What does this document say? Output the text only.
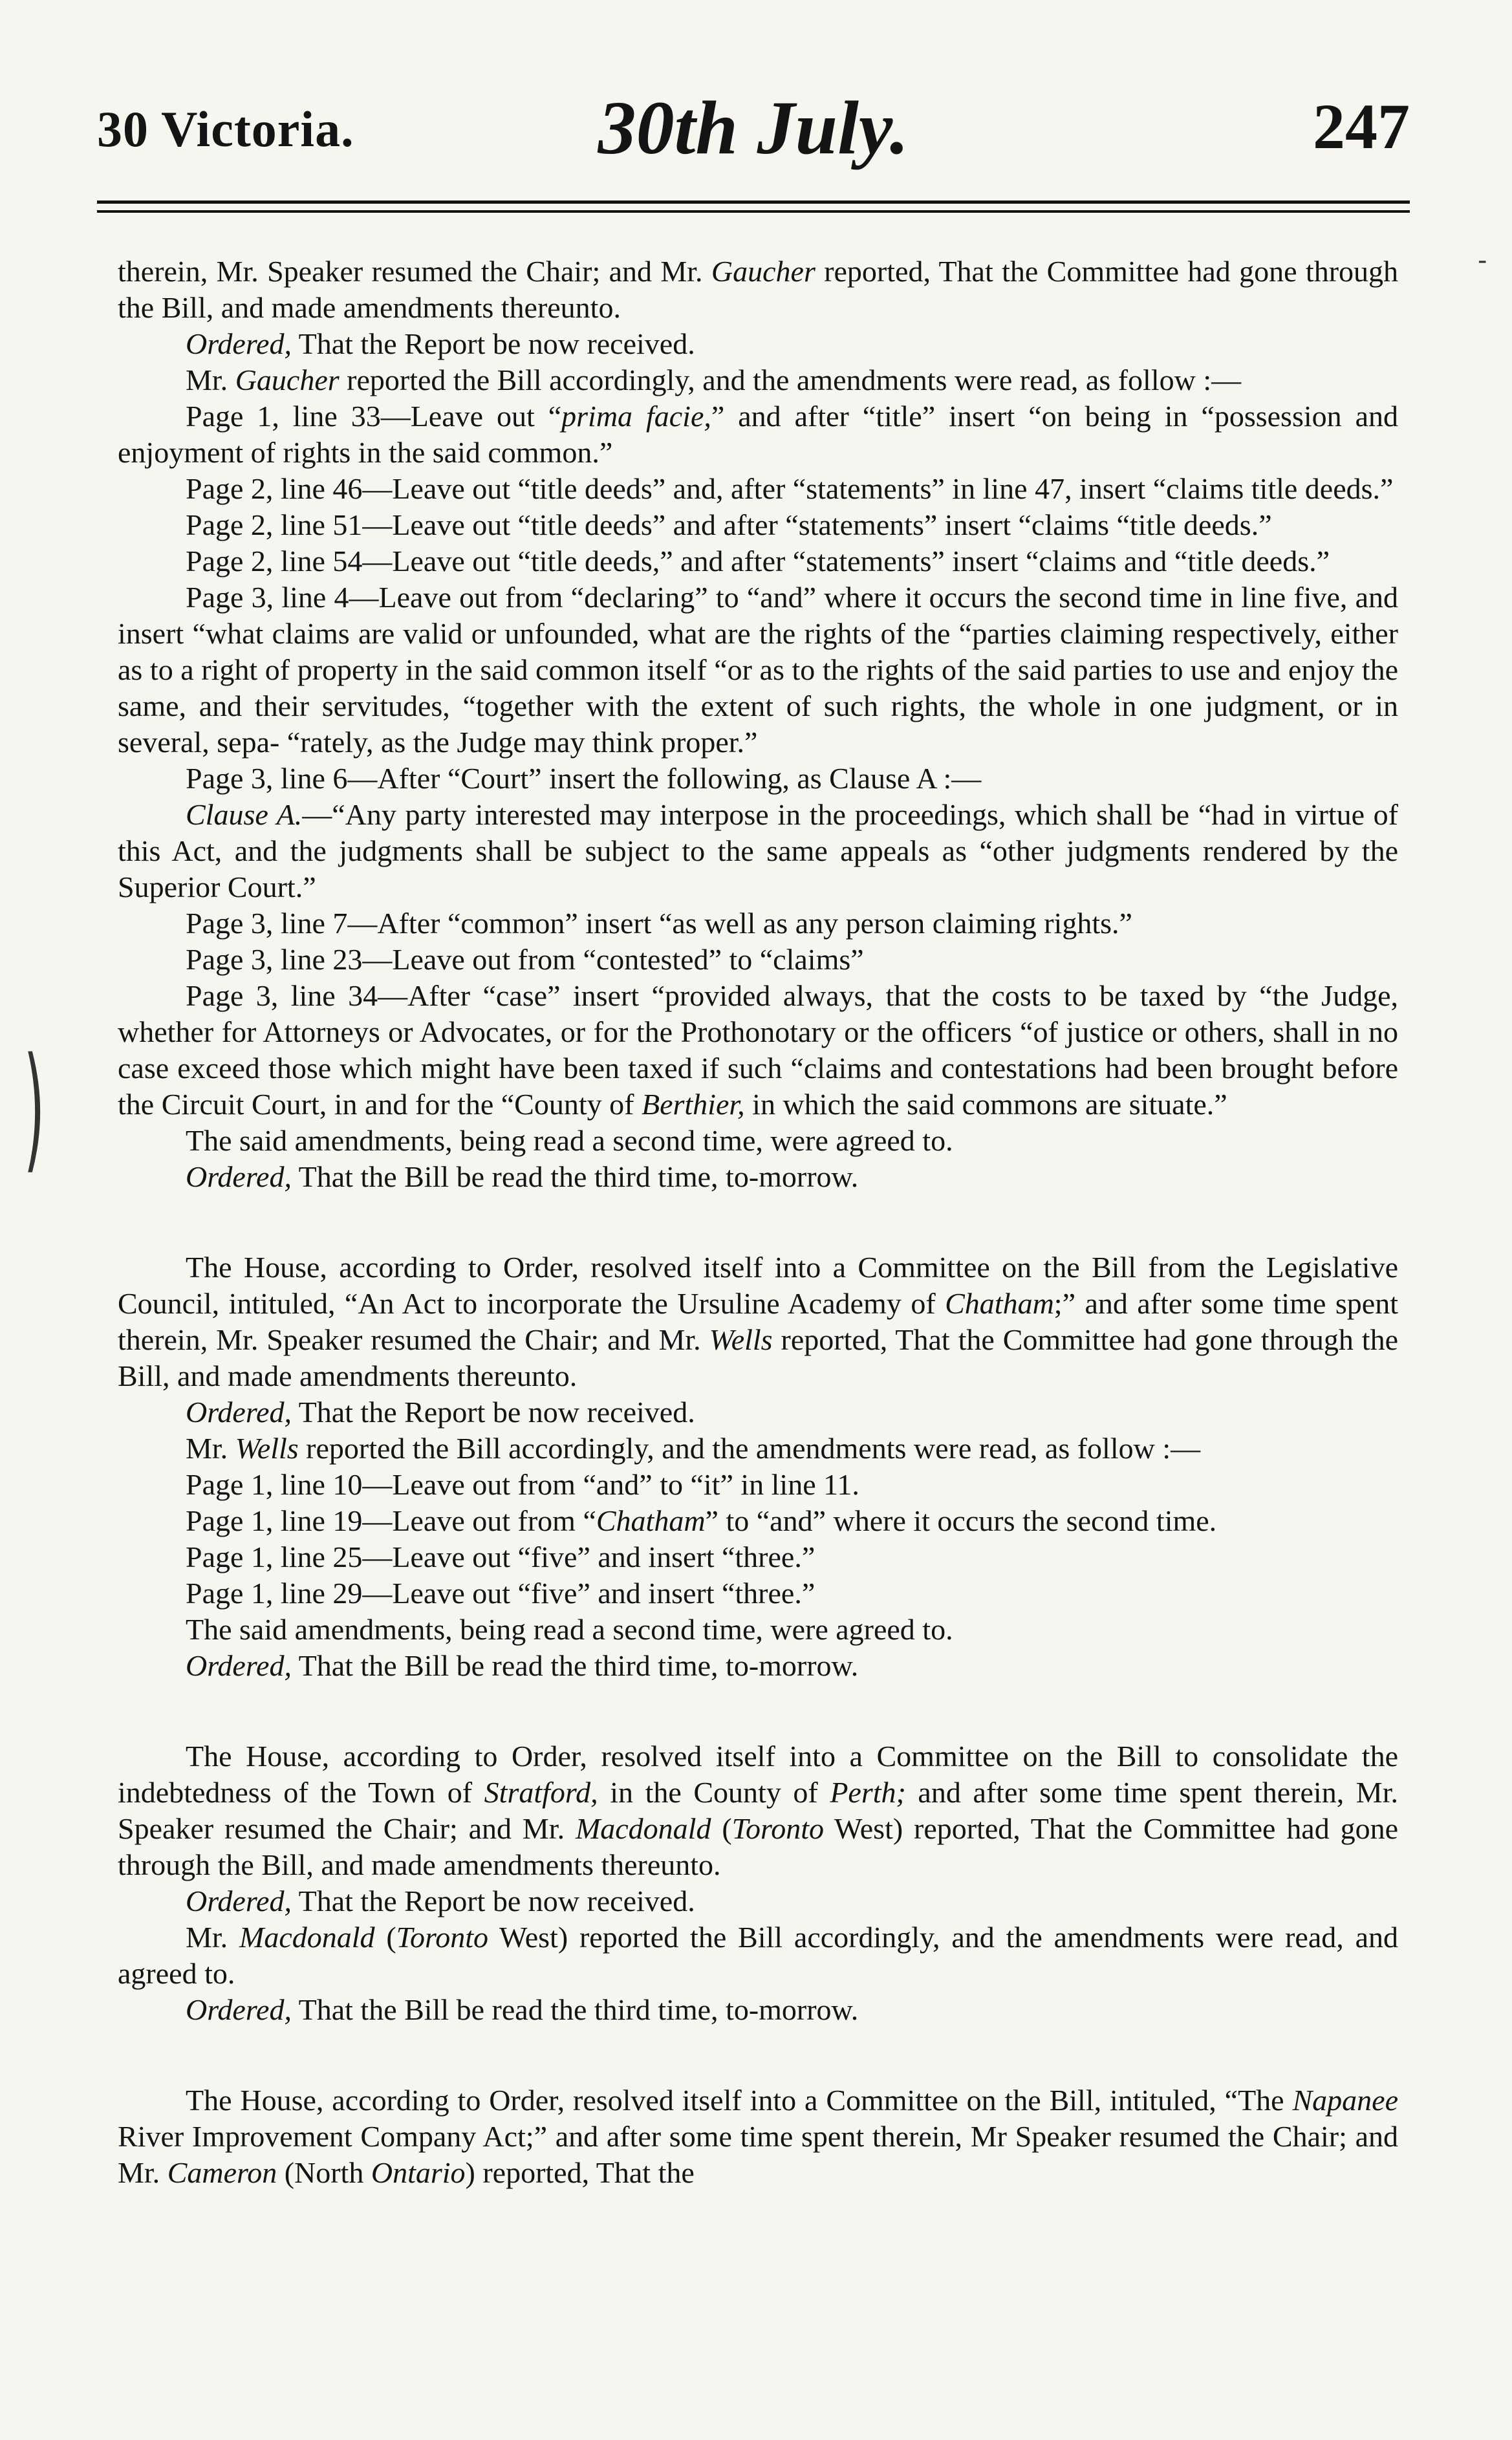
30 Victoria.	30th July.	247

therein, Mr. Speaker resumed the Chair; and Mr. Gaucher reported, That the Committee had gone through the Bill, and made amendments thereunto.

Ordered, That the Report be now received.

Mr. Gaucher reported the Bill accordingly, and the amendments were read, as follow :—

Page 1, line 33—Leave out “prima facie,” and after “title” insert “on being in “possession and enjoyment of rights in the said common.”

Page 2, line 46—Leave out “title deeds” and, after “statements” in line 47, insert “claims title deeds.”

Page 2, line 51—Leave out “title deeds” and after “statements” insert “claims “title deeds.”

Page 2, line 54—Leave out “title deeds,” and after “statements” insert “claims and “title deeds.”

Page 3, line 4—Leave out from “declaring” to “and” where it occurs the second time in line five, and insert “what claims are valid or unfounded, what are the rights of the “parties claiming respectively, either as to a right of property in the said common itself “or as to the rights of the said parties to use and enjoy the same, and their servitudes, “together with the extent of such rights, the whole in one judgment, or in several, sepa- “rately, as the Judge may think proper.”

Page 3, line 6—After “Court” insert the following, as Clause A :—

Clause A.—“Any party interested may interpose in the proceedings, which shall be “had in virtue of this Act, and the judgments shall be subject to the same appeals as “other judgments rendered by the Superior Court.”

Page 3, line 7—After “common” insert “as well as any person claiming rights.”

Page 3, line 23—Leave out from “contested” to “claims”

Page 3, line 34—After “case” insert “provided always, that the costs to be taxed by “the Judge, whether for Attorneys or Advocates, or for the Prothonotary or the officers “of justice or others, shall in no case exceed those which might have been taxed if such “claims and contestations had been brought before the Circuit Court, in and for the “County of Berthier, in which the said commons are situate.”

The said amendments, being read a second time, were agreed to.

Ordered, That the Bill be read the third time, to-morrow.

The House, according to Order, resolved itself into a Committee on the Bill from the Legislative Council, intituled, “An Act to incorporate the Ursuline Academy of Chatham;” and after some time spent therein, Mr. Speaker resumed the Chair; and Mr. Wells reported, That the Committee had gone through the Bill, and made amendments thereunto.

Ordered, That the Report be now received.

Mr. Wells reported the Bill accordingly, and the amendments were read, as follow :—

Page 1, line 10—Leave out from “and” to “it” in line 11.

Page 1, line 19—Leave out from “Chatham” to “and” where it occurs the second time.

Page 1, line 25—Leave out “five” and insert “three.”

Page 1, line 29—Leave out “five” and insert “three.”

The said amendments, being read a second time, were agreed to.

Ordered, That the Bill be read the third time, to-morrow.

The House, according to Order, resolved itself into a Committee on the Bill to consolidate the indebtedness of the Town of Stratford, in the County of Perth; and after some time spent therein, Mr. Speaker resumed the Chair; and Mr. Macdonald (Toronto West) reported, That the Committee had gone through the Bill, and made amendments thereunto.

Ordered, That the Report be now received.

Mr. Macdonald (Toronto West) reported the Bill accordingly, and the amendments were read, and agreed to.

Ordered, That the Bill be read the third time, to-morrow.

The House, according to Order, resolved itself into a Committee on the Bill, intituled, “The Napanee River Improvement Company Act;” and after some time spent therein, Mr Speaker resumed the Chair; and Mr. Cameron (North Ontario) reported, That the

-
)
